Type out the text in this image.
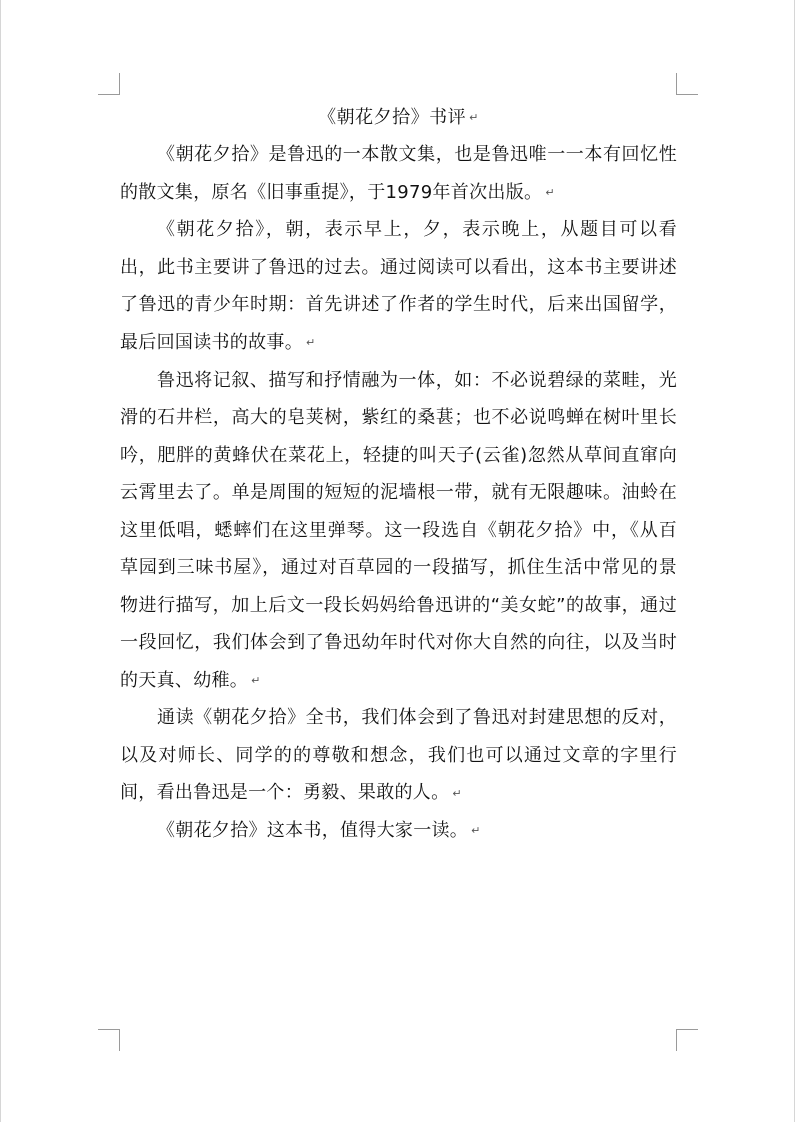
《朝花夕拾》书评 ↵

《朝花夕拾》是鲁迅的一本散文集，也是鲁迅唯一一本有回忆性的散文集，原名《旧事重提》，于1979年首次出版。 ↵

《朝花夕拾》，朝，表示早上，夕，表示晚上，从题目可以看出，此书主要讲了鲁迅的过去。通过阅读可以看出，这本书主要讲述了鲁迅的青少年时期：首先讲述了作者的学生时代，后来出国留学，最后回国读书的故事。 ↵

鲁迅将记叙、描写和抒情融为一体，如：不必说碧绿的菜畦，光滑的石井栏，高大的皂荚树，紫红的桑葚；也不必说鸣蝉在树叶里长吟，肥胖的黄蜂伏在菜花上，轻捷的叫天子(云雀)忽然从草间直窜向云霄里去了。单是周围的短短的泥墙根一带，就有无限趣味。油蛉在这里低唱，蟋蟀们在这里弹琴。这一段选自《朝花夕拾》中，《从百草园到三味书屋》，通过对百草园的一段描写，抓住生活中常见的景物进行描写，加上后文一段长妈妈给鲁迅讲的“美女蛇”的故事，通过一段回忆，我们体会到了鲁迅幼年时代对你大自然的向往，以及当时的天真、幼稚。 ↵

通读《朝花夕拾》全书，我们体会到了鲁迅对封建思想的反对，以及对师长、同学的的尊敬和想念，我们也可以通过文章的字里行间，看出鲁迅是一个：勇毅、果敢的人。 ↵

《朝花夕拾》这本书，值得大家一读。 ↵
